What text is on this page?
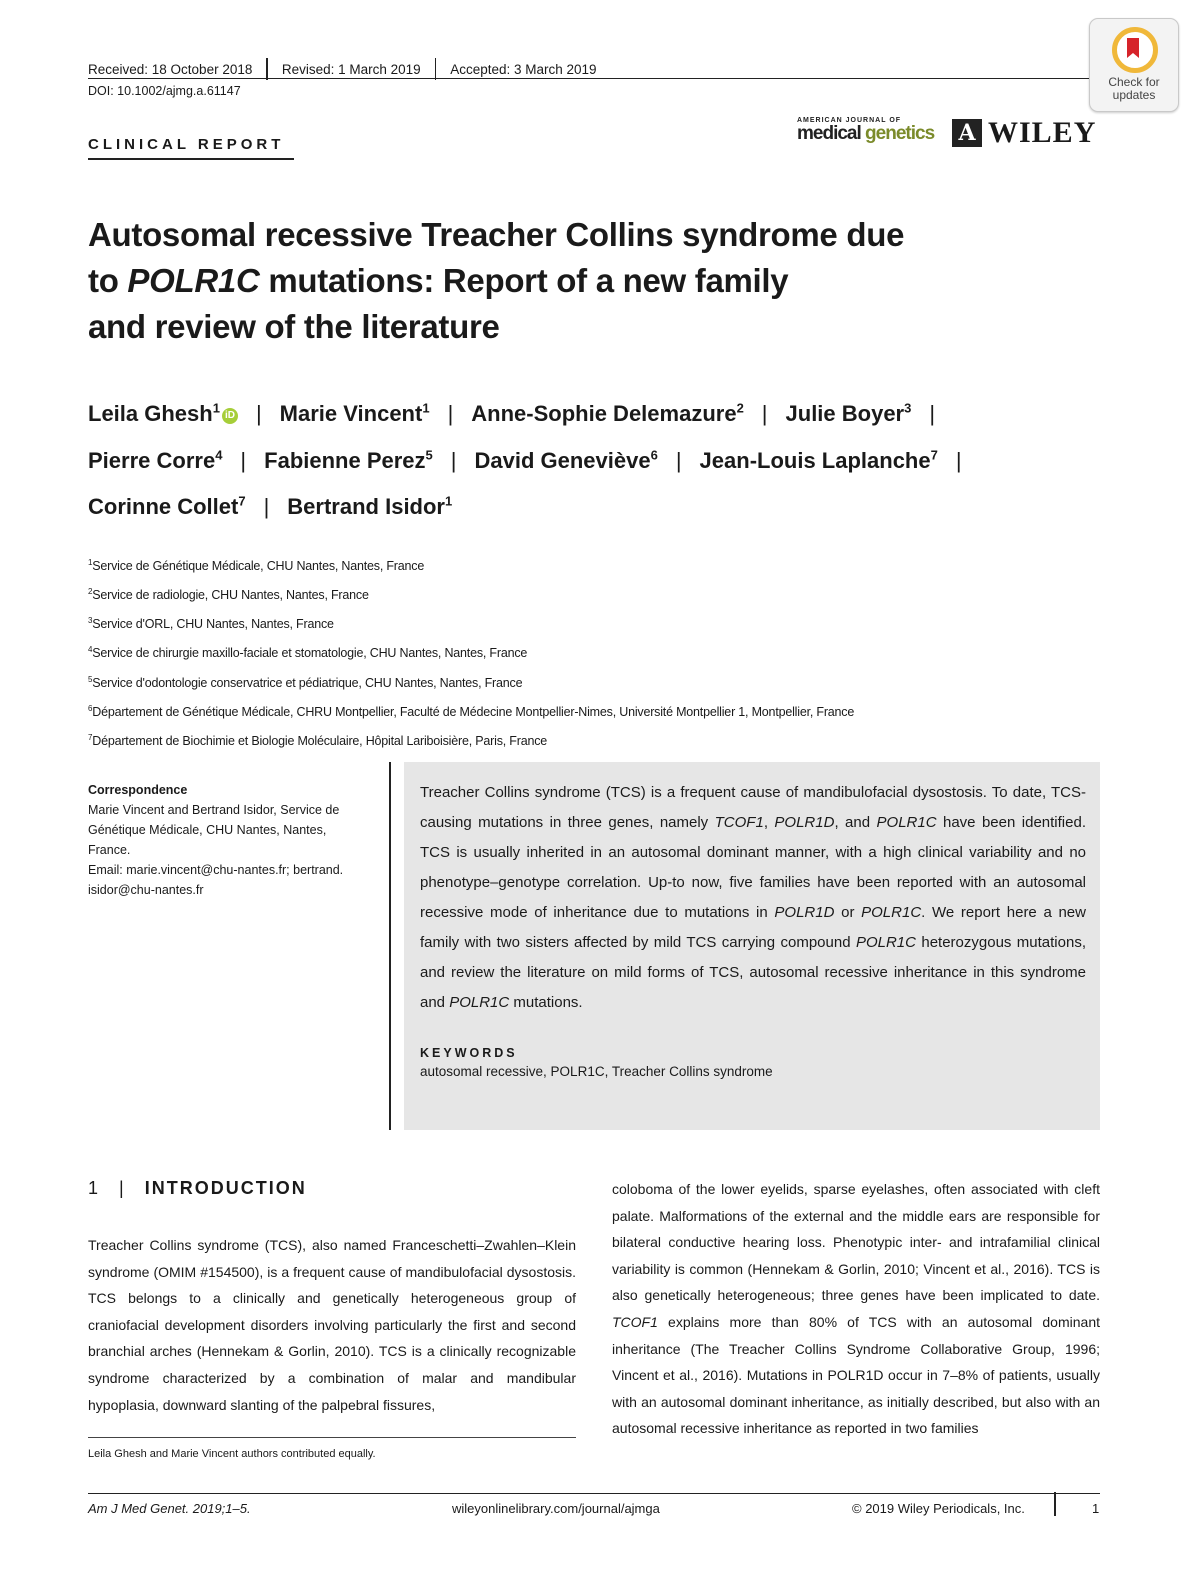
Received: 18 October 2018 Revised: 1 March 2019 Accepted: 3 March 2019
DOI: 10.1002/ajmg.a.61147
Check for updates
CLINICAL REPORT
AMERICAN JOURNAL OF
medical genetics	A WILEY
Autosomal recessive Treacher Collins syndrome due
to POLR1C mutations: Report of a new family
and review of the literature
Leila Ghesh$^1$ iD | Marie Vincent$^1$ | Anne-Sophie Delemazure$^2$ | Julie Boyer$^3$ |
Pierre Corre$^4$ | Fabienne Perez$^5$ | David Geneviève$^6$ | Jean-Louis Laplanche$^7$ |
Corinne Collet$^7$ | Bertrand Isidor$^1$
$^1$Service de Génétique Médicale, CHU Nantes, Nantes, France
$^2$Service de radiologie, CHU Nantes, Nantes, France
$^3$Service d'ORL, CHU Nantes, Nantes, France
$^4$Service de chirurgie maxillo-faciale et stomatologie, CHU Nantes, Nantes, France
$^5$Service d'odontologie conservatrice et pédiatrique, CHU Nantes, Nantes, France
$^6$Département de Génétique Médicale, CHRU Montpellier, Faculté de Médecine Montpellier-Nimes, Université Montpellier 1, Montpellier, France
$^7$Département de Biochimie et Biologie Moléculaire, Hôpital Lariboisière, Paris, France
Correspondence
Marie Vincent and Bertrand Isidor, Service de
Génétique Médicale, CHU Nantes, Nantes,
France.
Email: marie.vincent@chu-nantes.fr; bertrand.
isidor@chu-nantes.fr

Treacher Collins syndrome (TCS) is a frequent cause of mandibulofacial dysostosis. To date, TCS-causing mutations in three genes, namely TCOF1, POLR1D, and POLR1C have been identified. TCS is usually inherited in an autosomal dominant manner, with a high clinical variability and no phenotype–genotype correlation. Up-to now, five families have been reported with an autosomal recessive mode of inheritance due to mutations in POLR1D or POLR1C. We report here a new family with two sisters affected by mild TCS carrying compound POLR1C heterozygous mutations, and review the literature on mild forms of TCS, autosomal recessive inheritance in this syndrome and POLR1C mutations.

KEYWORDS
autosomal recessive, POLR1C, Treacher Collins syndrome
1 | INTRODUCTION
Treacher Collins syndrome (TCS), also named Franceschetti–Zwahlen–Klein syndrome (OMIM #154500), is a frequent cause of mandibulofacial dysostosis. TCS belongs to a clinically and genetically heterogeneous group of craniofacial development disorders involving particularly the first and second branchial arches (Hennekam & Gorlin, 2010). TCS is a clinically recognizable syndrome characterized by a combination of malar and mandibular hypoplasia, downward slanting of the palpebral fissures,
coloboma of the lower eyelids, sparse eyelashes, often associated with cleft palate. Malformations of the external and the middle ears are responsible for bilateral conductive hearing loss. Phenotypic inter- and intrafamilial clinical variability is common (Hennekam & Gorlin, 2010; Vincent et al., 2016). TCS is also genetically heterogeneous; three genes have been implicated to date. TCOF1 explains more than 80% of TCS with an autosomal dominant inheritance (The Treacher Collins Syndrome Collaborative Group, 1996; Vincent et al., 2016). Mutations in POLR1D occur in 7–8% of patients, usually with an autosomal dominant inheritance, as initially described, but also with an autosomal recessive inheritance as reported in two families
Leila Ghesh and Marie Vincent authors contributed equally.
Am J Med Genet. 2019;1–5.	wileyonlinelibrary.com/journal/ajmga	© 2019 Wiley Periodicals, Inc.	1
